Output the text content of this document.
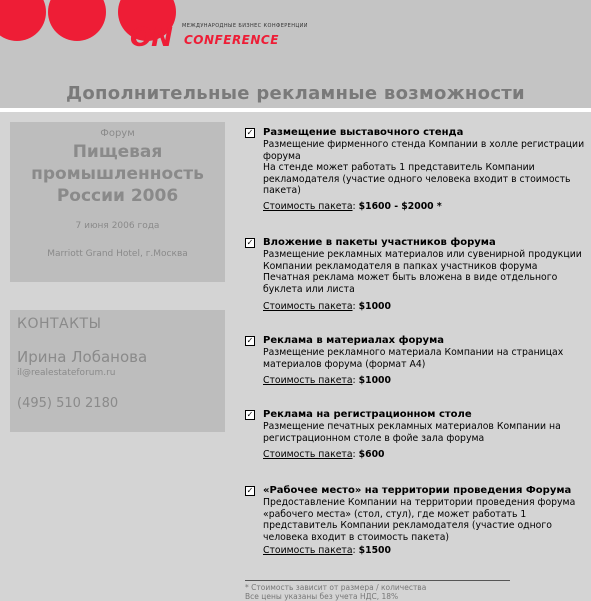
МЕЖДУНАРОДНЫЕ БИЗНЕС КОНФЕРЕНЦИИ
ON CONFERENCE
Дополнительные рекламные возможности
Форум
Пищевая промышленность России 2006
7 июня 2006 года
Marriott Grand Hotel, г.Москва
КОНТАКТЫ
Ирина Лобанова
il@realestateforum.ru
(495) 510 2180
✓ Размещение выставочного стенда
Размещение фирменного стенда Компании в холле регистрации форума
На стенде может работать 1 представитель Компании рекламодателя (участие одного человека входит в стоимость пакета)
Стоимость пакета: $1600 - $2000 *
✓ Вложение в пакеты участников форума
Размещение рекламных материалов или сувенирной продукции Компании рекламодателя в папках участников форума
Печатная реклама может быть вложена в виде отдельного буклета или листа
Стоимость пакета: $1000
✓ Реклама в материалах форума
Размещение рекламного материала Компании на страницах материалов форума (формат А4)
Стоимость пакета: $1000
✓ Реклама на регистрационном столе
Размещение печатных рекламных материалов Компании на регистрационном столе в фойе зала форума
Стоимость пакета: $600
✓ «Рабочее место» на территории проведения Форума
Предоставление Компании на территории проведения форума «рабочего места» (стол, стул), где может работать 1 представитель Компании рекламодателя (участие одного человека входит в стоимость пакета)
Стоимость пакета: $1500
* Стоимость зависит от размера / количества
Все цены указаны без учета НДС, 18%
